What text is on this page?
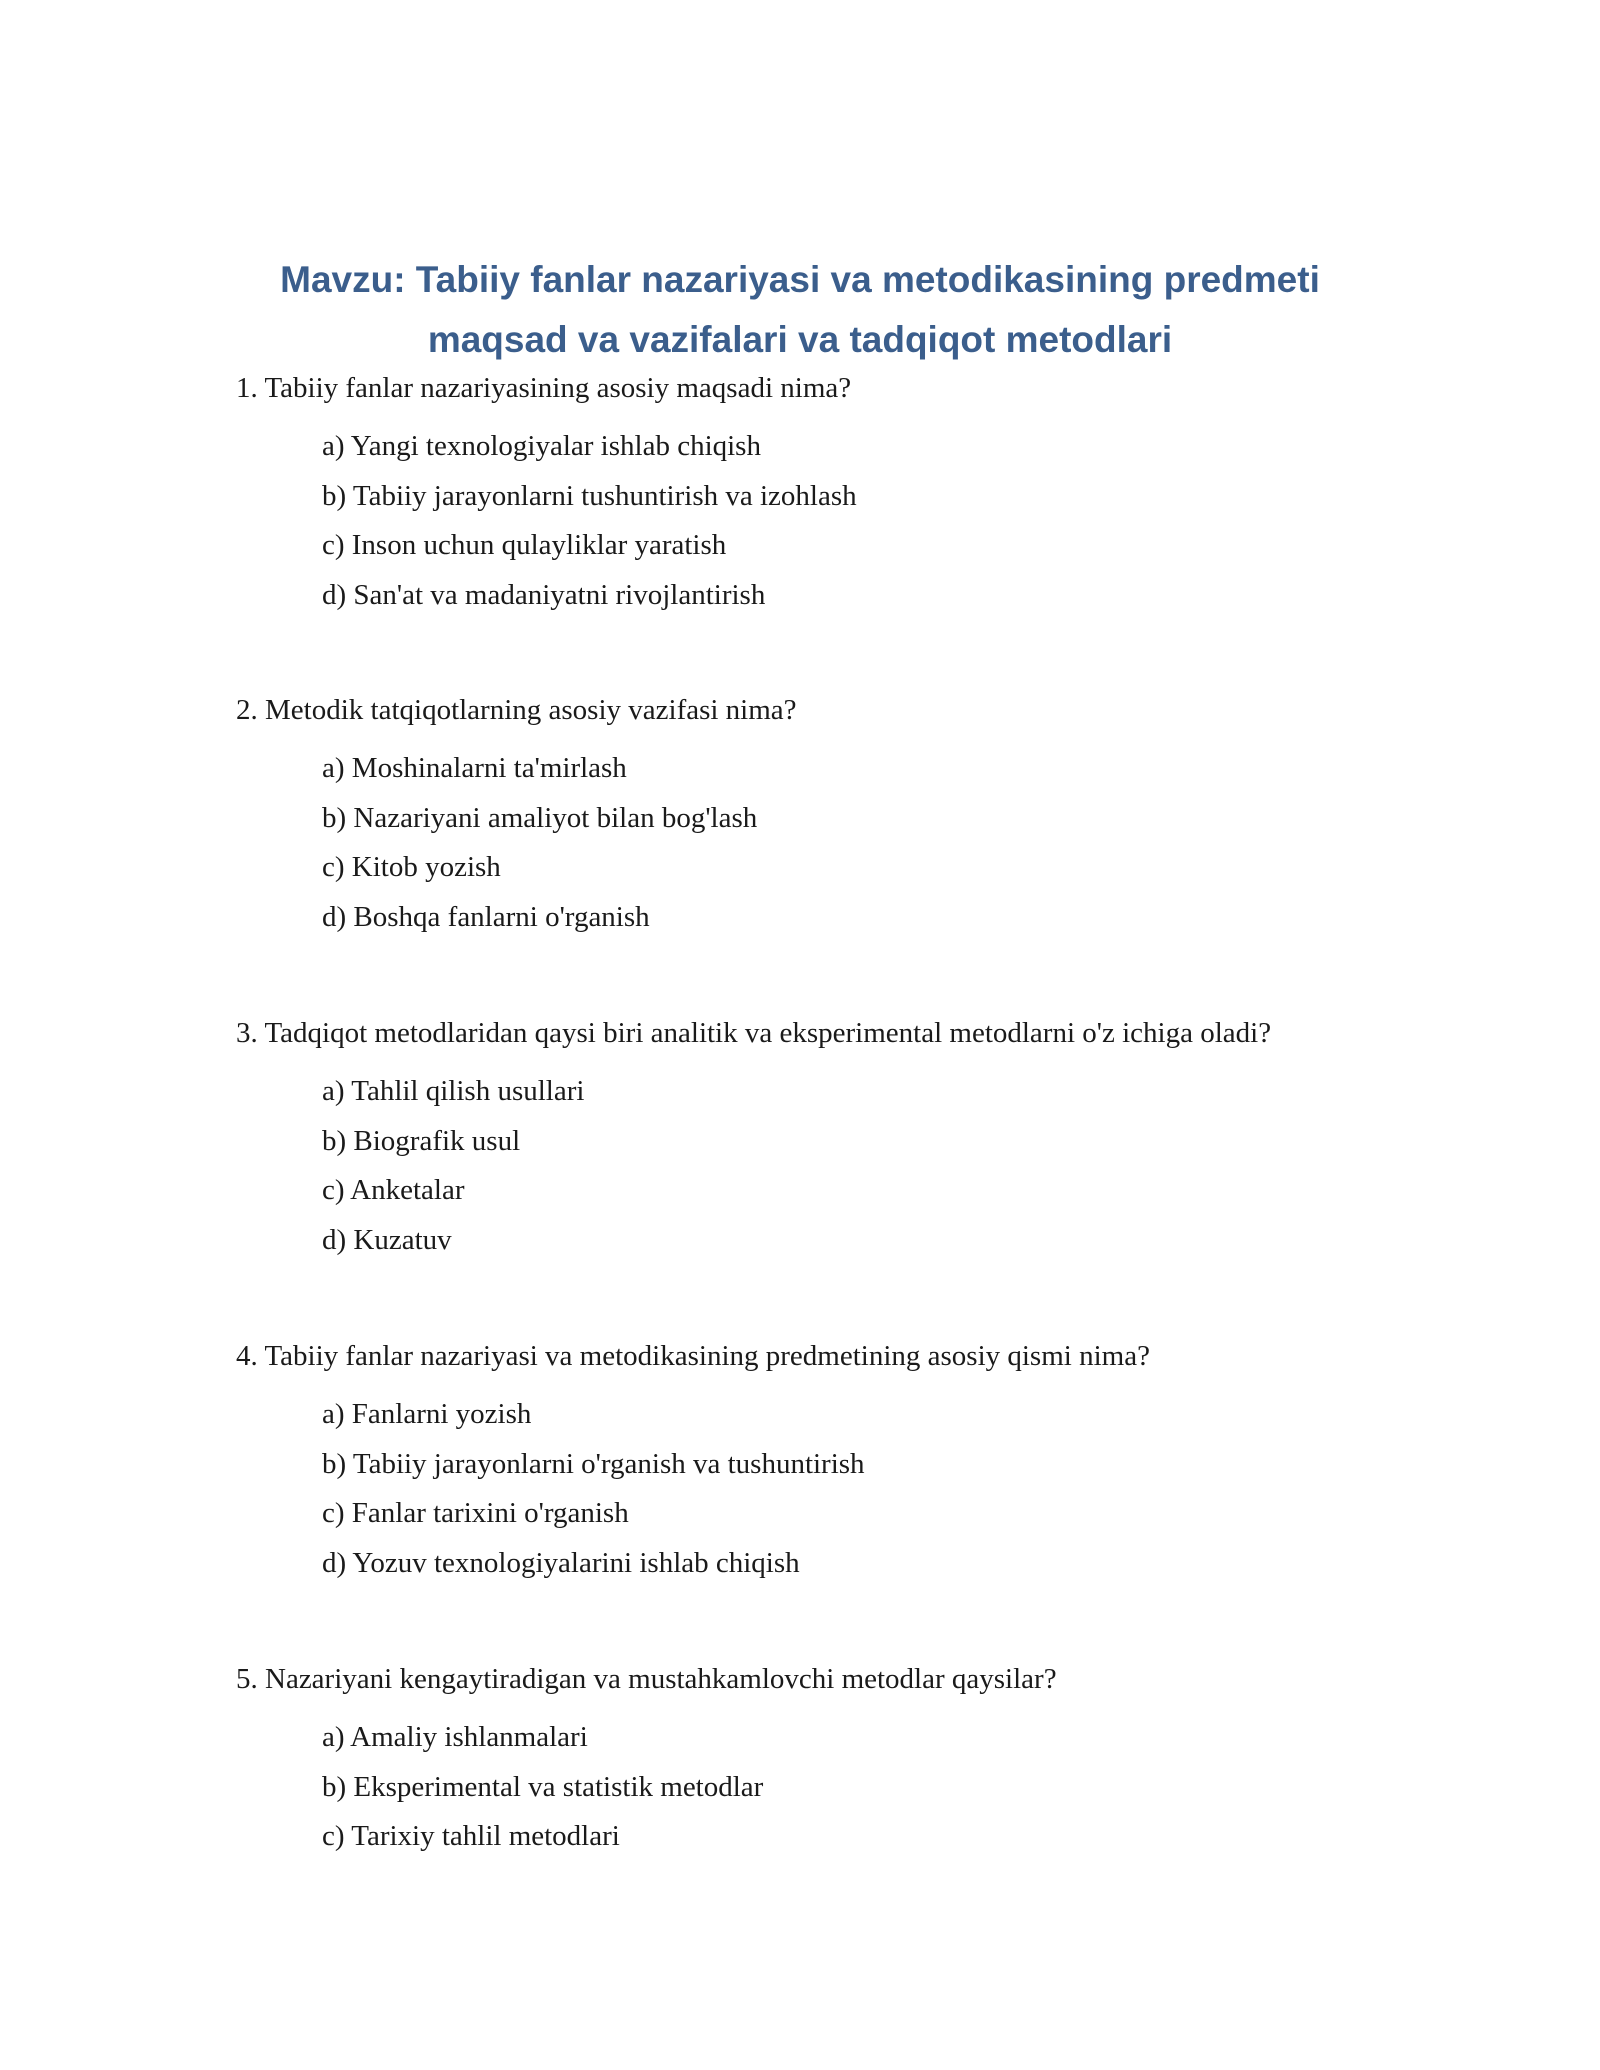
Mavzu: Tabiiy fanlar nazariyasi va metodikasining predmeti
maqsad va vazifalari va tadqiqot metodlari

1. Tabiiy fanlar nazariyasining asosiy maqsadi nima?

a) Yangi texnologiyalar ishlab chiqish
b) Tabiiy jarayonlarni tushuntirish va izohlash
c) Inson uchun qulayliklar yaratish
d) San'at va madaniyatni rivojlantirish

2. Metodik tatqiqotlarning asosiy vazifasi nima?

a) Moshinalarni ta'mirlash
b) Nazariyani amaliyot bilan bog'lash
c) Kitob yozish
d) Boshqa fanlarni o'rganish

3. Tadqiqot metodlaridan qaysi biri analitik va eksperimental metodlarni o'z ichiga oladi?

a) Tahlil qilish usullari
b) Biografik usul
c) Anketalar
d) Kuzatuv

4. Tabiiy fanlar nazariyasi va metodikasining predmetining asosiy qismi nima?

a) Fanlarni yozish
b) Tabiiy jarayonlarni o'rganish va tushuntirish
c) Fanlar tarixini o'rganish
d) Yozuv texnologiyalarini ishlab chiqish

5. Nazariyani kengaytiradigan va mustahkamlovchi metodlar qaysilar?

a) Amaliy ishlanmalari
b) Eksperimental va statistik metodlar
c) Tarixiy tahlil metodlari
